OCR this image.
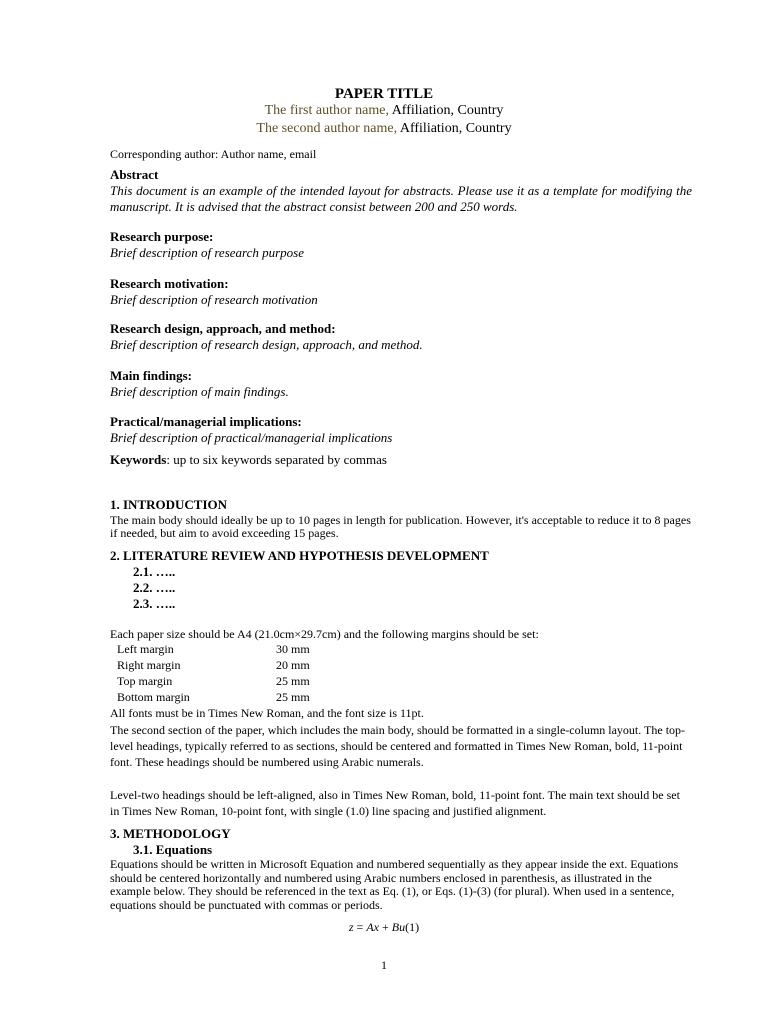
PAPER TITLE
The first author name, Affiliation, Country
The second author name, Affiliation, Country
Corresponding author: Author name, email
Abstract
This document is an example of the intended layout for abstracts. Please use it as a template for modifying the manuscript. It is advised that the abstract consist between 200 and 250 words.
Research purpose:
Brief description of research purpose
Research motivation:
Brief description of research motivation
Research design, approach, and method:
Brief description of research design, approach, and method.
Main findings:
Brief description of main findings.
Practical/managerial implications:
Brief description of practical/managerial implications
Keywords: up to six keywords separated by commas
1. INTRODUCTION
The main body should ideally be up to 10 pages in length for publication. However, it's acceptable to reduce it to 8 pages if needed, but aim to avoid exceeding 15 pages.
2. LITERATURE REVIEW AND HYPOTHESIS DEVELOPMENT
2.1. …..
2.2. …..
2.3. …..
Each paper size should be A4 (21.0cm×29.7cm) and the following margins should be set:
Left margin	30 mm
Right margin	20 mm
Top margin	25 mm
Bottom margin	25 mm
All fonts must be in Times New Roman, and the font size is 11pt.
The second section of the paper, which includes the main body, should be formatted in a single-column layout. The top-level headings, typically referred to as sections, should be centered and formatted in Times New Roman, bold, 11-point font. These headings should be numbered using Arabic numerals.
Level-two headings should be left-aligned, also in Times New Roman, bold, 11-point font. The main text should be set in Times New Roman, 10-point font, with single (1.0) line spacing and justified alignment.
3. METHODOLOGY
3.1. Equations
Equations should be written in Microsoft Equation and numbered sequentially as they appear inside the ext. Equations should be centered horizontally and numbered using Arabic numbers enclosed in parenthesis, as illustrated in the example below. They should be referenced in the text as Eq. (1), or Eqs. (1)-(3) (for plural). When used in a sentence, equations should be punctuated with commas or periods.
z = Ax + Bu(1)
1
